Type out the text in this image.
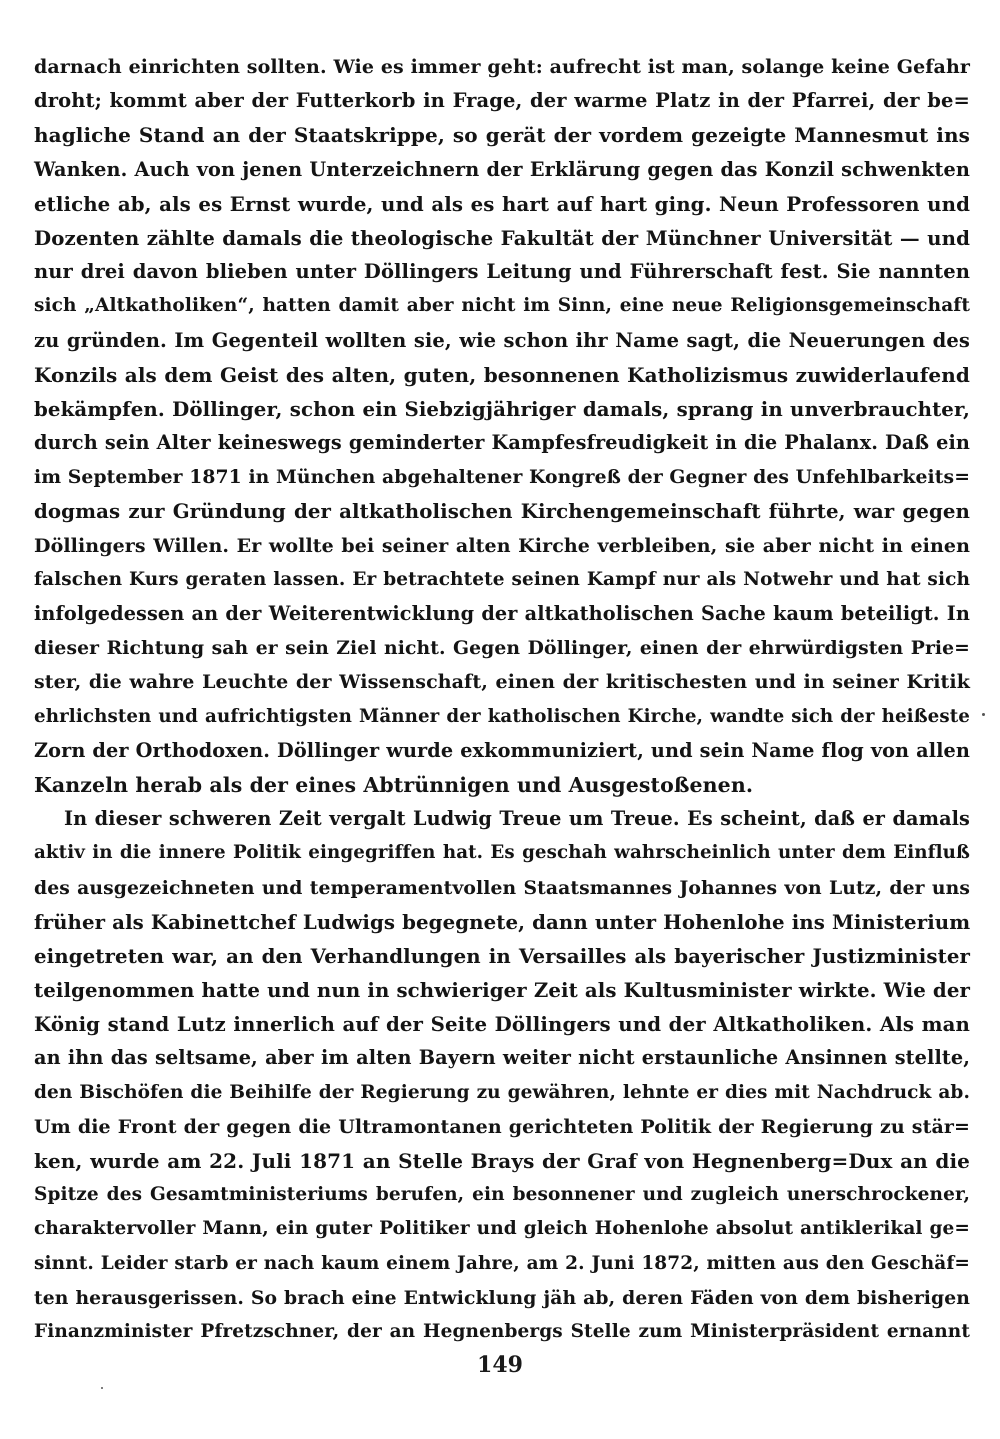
darnach einrichten sollten. Wie es immer geht: aufrecht ist man, solange keine Gefahr
droht; kommt aber der Futterkorb in Frage, der warme Platz in der Pfarrei, der be=
hagliche Stand an der Staatskrippe, so gerät der vordem gezeigte Mannesmut ins
Wanken. Auch von jenen Unterzeichnern der Erklärung gegen das Konzil schwenkten
etliche ab, als es Ernst wurde, und als es hart auf hart ging. Neun Professoren und
Dozenten zählte damals die theologische Fakultät der Münchner Universität — und
nur drei davon blieben unter Döllingers Leitung und Führerschaft fest. Sie nannten
sich „Altkatholiken“, hatten damit aber nicht im Sinn, eine neue Religionsgemeinschaft
zu gründen. Im Gegenteil wollten sie, wie schon ihr Name sagt, die Neuerungen des
Konzils als dem Geist des alten, guten, besonnenen Katholizismus zuwiderlaufend
bekämpfen. Döllinger, schon ein Siebzigjähriger damals, sprang in unverbrauchter,
durch sein Alter keineswegs geminderter Kampfesfreudigkeit in die Phalanx. Daß ein
im September 1871 in München abgehaltener Kongreß der Gegner des Unfehlbarkeits=
dogmas zur Gründung der altkatholischen Kirchengemeinschaft führte, war gegen
Döllingers Willen. Er wollte bei seiner alten Kirche verbleiben, sie aber nicht in einen
falschen Kurs geraten lassen. Er betrachtete seinen Kampf nur als Notwehr und hat sich
infolgedessen an der Weiterentwicklung der altkatholischen Sache kaum beteiligt. In
dieser Richtung sah er sein Ziel nicht. Gegen Döllinger, einen der ehrwürdigsten Prie=
ster, die wahre Leuchte der Wissenschaft, einen der kritischesten und in seiner Kritik
ehrlichsten und aufrichtigsten Männer der katholischen Kirche, wandte sich der heißeste
Zorn der Orthodoxen. Döllinger wurde exkommuniziert, und sein Name flog von allen
Kanzeln herab als der eines Abtrünnigen und Ausgestoßenen.
In dieser schweren Zeit vergalt Ludwig Treue um Treue. Es scheint, daß er damals
aktiv in die innere Politik eingegriffen hat. Es geschah wahrscheinlich unter dem Einfluß
des ausgezeichneten und temperamentvollen Staatsmannes Johannes von Lutz, der uns
früher als Kabinettchef Ludwigs begegnete, dann unter Hohenlohe ins Ministerium
eingetreten war, an den Verhandlungen in Versailles als bayerischer Justizminister
teilgenommen hatte und nun in schwieriger Zeit als Kultusminister wirkte. Wie der
König stand Lutz innerlich auf der Seite Döllingers und der Altkatholiken. Als man
an ihn das seltsame, aber im alten Bayern weiter nicht erstaunliche Ansinnen stellte,
den Bischöfen die Beihilfe der Regierung zu gewähren, lehnte er dies mit Nachdruck ab.
Um die Front der gegen die Ultramontanen gerichteten Politik der Regierung zu stär=
ken, wurde am 22. Juli 1871 an Stelle Brays der Graf von Hegnenberg=Dux an die
Spitze des Gesamtministeriums berufen, ein besonnener und zugleich unerschrockener,
charaktervoller Mann, ein guter Politiker und gleich Hohenlohe absolut antiklerikal ge=
sinnt. Leider starb er nach kaum einem Jahre, am 2. Juni 1872, mitten aus den Geschäf=
ten herausgerissen. So brach eine Entwicklung jäh ab, deren Fäden von dem bisherigen
Finanzminister Pfretzschner, der an Hegnenbergs Stelle zum Ministerpräsident ernannt
149
